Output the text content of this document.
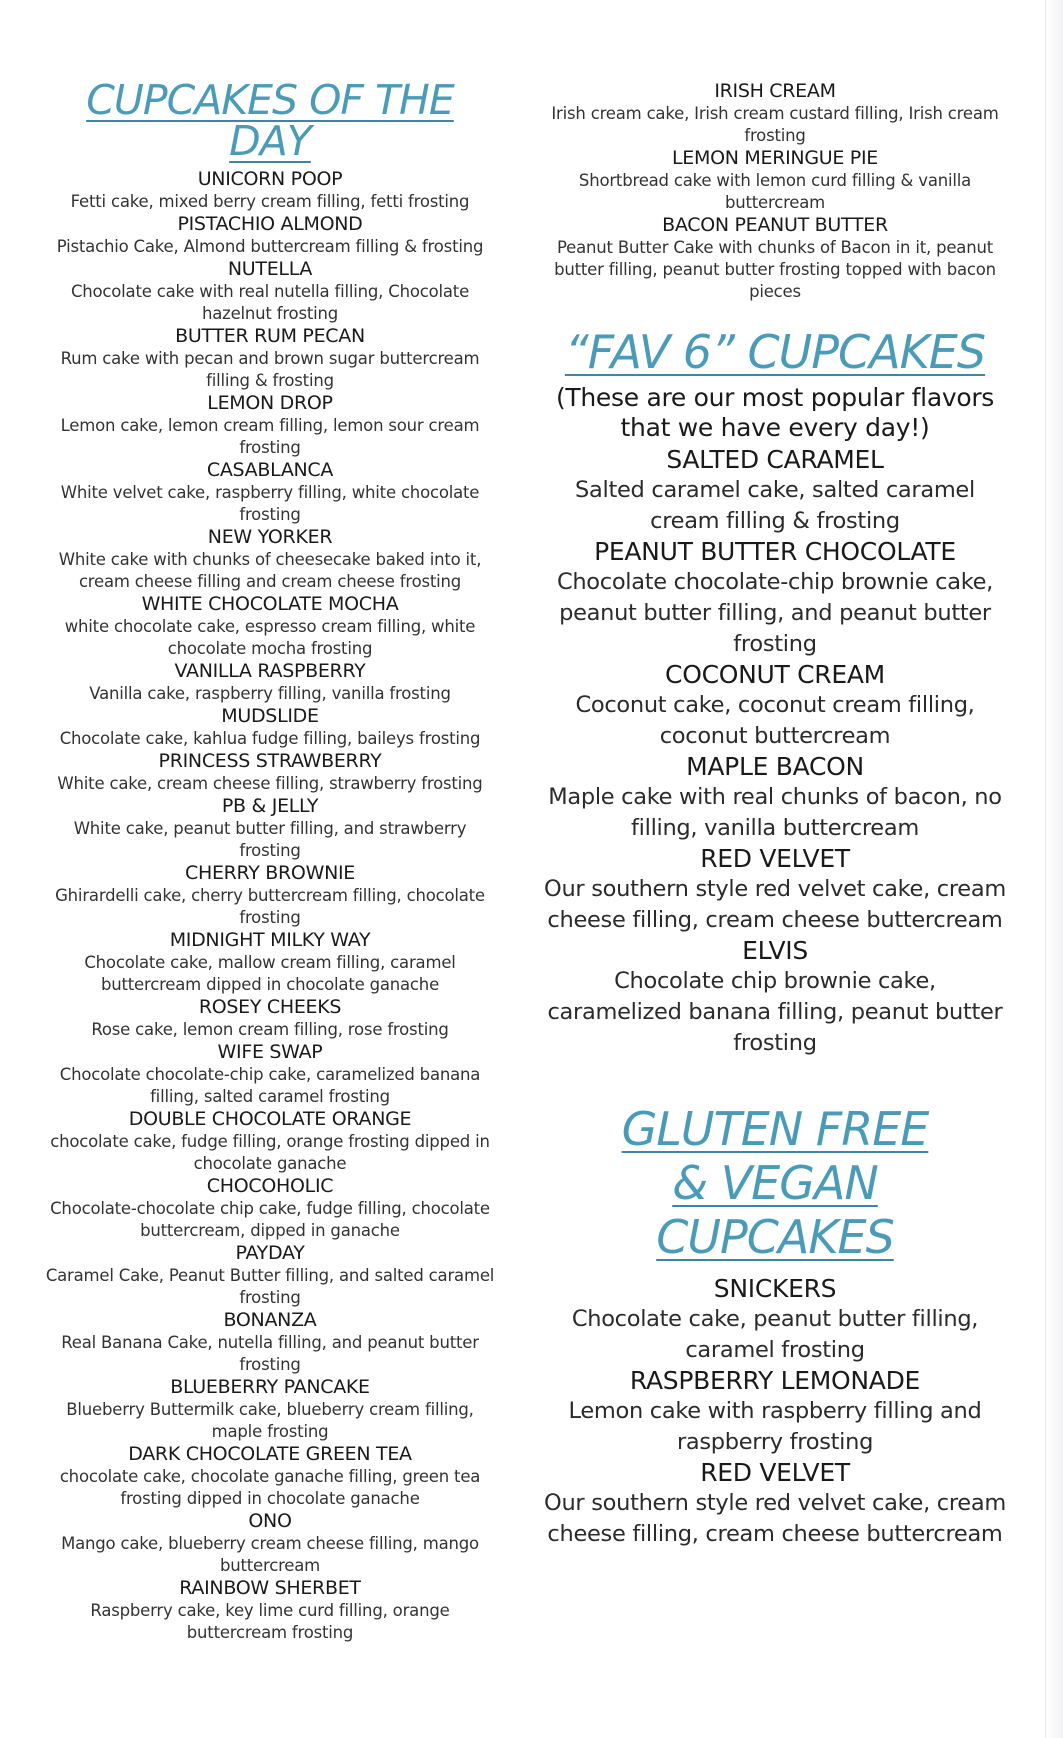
CUPCAKES OF THE DAY
UNICORN POOP
Fetti cake, mixed berry cream filling, fetti frosting
PISTACHIO ALMOND
Pistachio Cake, Almond buttercream filling & frosting
NUTELLA
Chocolate cake with real nutella filling, Chocolate hazelnut frosting
BUTTER RUM PECAN
Rum cake with pecan and brown sugar buttercream filling & frosting
LEMON DROP
Lemon cake, lemon cream filling, lemon sour cream frosting
CASABLANCA
White velvet cake, raspberry filling, white chocolate frosting
NEW YORKER
White cake with chunks of cheesecake baked into it, cream cheese filling and cream cheese frosting
WHITE CHOCOLATE MOCHA
white chocolate cake, espresso cream filling, white chocolate mocha frosting
VANILLA RASPBERRY
Vanilla cake, raspberry filling, vanilla frosting
MUDSLIDE
Chocolate cake, kahlua fudge filling, baileys frosting
PRINCESS STRAWBERRY
White cake, cream cheese filling, strawberry frosting
PB & JELLY
White cake, peanut butter filling, and strawberry frosting
CHERRY BROWNIE
Ghirardelli cake, cherry buttercream filling, chocolate frosting
MIDNIGHT MILKY WAY
Chocolate cake, mallow cream filling, caramel buttercream dipped in chocolate ganache
ROSEY CHEEKS
Rose cake, lemon cream filling, rose frosting
WIFE SWAP
Chocolate chocolate-chip cake, caramelized banana filling, salted caramel frosting
DOUBLE CHOCOLATE ORANGE
chocolate cake, fudge filling, orange frosting dipped in chocolate ganache
CHOCOHOLIC
Chocolate-chocolate chip cake, fudge filling, chocolate buttercream, dipped in ganache
PAYDAY
Caramel Cake, Peanut Butter filling, and salted caramel frosting
BONANZA
Real Banana Cake, nutella filling, and peanut butter frosting
BLUEBERRY PANCAKE
Blueberry Buttermilk cake, blueberry cream filling, maple frosting
DARK CHOCOLATE GREEN TEA
chocolate cake, chocolate ganache filling, green tea frosting dipped in chocolate ganache
ONO
Mango cake, blueberry cream cheese filling, mango buttercream
RAINBOW SHERBET
Raspberry cake, key lime curd filling, orange buttercream frosting
IRISH CREAM
Irish cream cake, Irish cream custard filling, Irish cream frosting
LEMON MERINGUE PIE
Shortbread cake with lemon curd filling & vanilla buttercream
BACON PEANUT BUTTER
Peanut Butter Cake with chunks of Bacon in it, peanut butter filling, peanut butter frosting topped with bacon pieces
“FAV 6” CUPCAKES
(These are our most popular flavors that we have every day!)
SALTED CARAMEL
Salted caramel cake, salted caramel cream filling & frosting
PEANUT BUTTER CHOCOLATE
Chocolate chocolate-chip brownie cake, peanut butter filling, and peanut butter frosting
COCONUT CREAM
Coconut cake, coconut cream filling, coconut buttercream
MAPLE BACON
Maple cake with real chunks of bacon, no filling, vanilla buttercream
RED VELVET
Our southern style red velvet cake, cream cheese filling, cream cheese buttercream
ELVIS
Chocolate chip brownie cake, caramelized banana filling, peanut butter frosting
GLUTEN FREE & VEGAN CUPCAKES
SNICKERS
Chocolate cake, peanut butter filling, caramel frosting
RASPBERRY LEMONADE
Lemon cake with raspberry filling and raspberry frosting
RED VELVET
Our southern style red velvet cake, cream cheese filling, cream cheese buttercream
